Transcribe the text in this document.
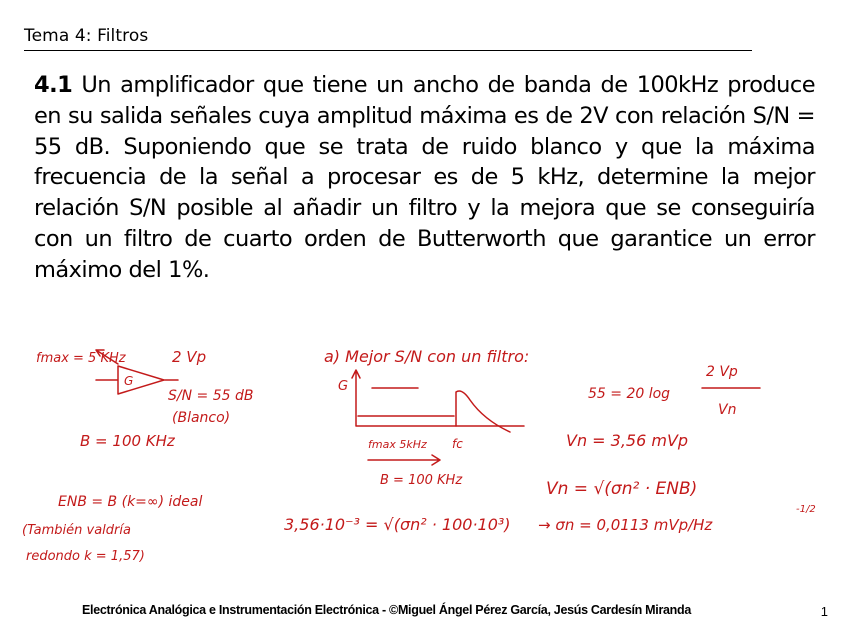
Tema 4: Filtros
4.1 Un amplificador que tiene un ancho de banda de 100kHz produce en su salida señales cuya amplitud máxima es de 2V con relación S/N = 55 dB. Suponiendo que se trata de ruido blanco y que la máxima frecuencia de la señal a procesar es de 5 kHz, determine la mejor relación S/N posible al añadir un filtro y la mejora que se conseguiría con un filtro de cuarto orden de Butterworth que garantice un error máximo del 1%.
fmax = 5 KHz	2 Vp
G
S/N = 55 dB
(Blanco)
B = 100 KHz
a) Mejor S/N con un filtro:
G
fmax 5kHz fc
B = 100 KHz
55 = 20 log
2 Vp
Vn
Vn = 3,56 mVp
Vn = √(σn² · ENB)
ENB = B (k=∞) ideal
(También valdría
redondo k = 1,57)
3,56·10⁻³ = √(σn² · 100·10³) → σn = 0,0113 mVp/Hz
-1/2
Electrónica Analógica e Instrumentación Electrónica - ©Miguel Ángel Pérez García, Jesús Cardesín Miranda	1
